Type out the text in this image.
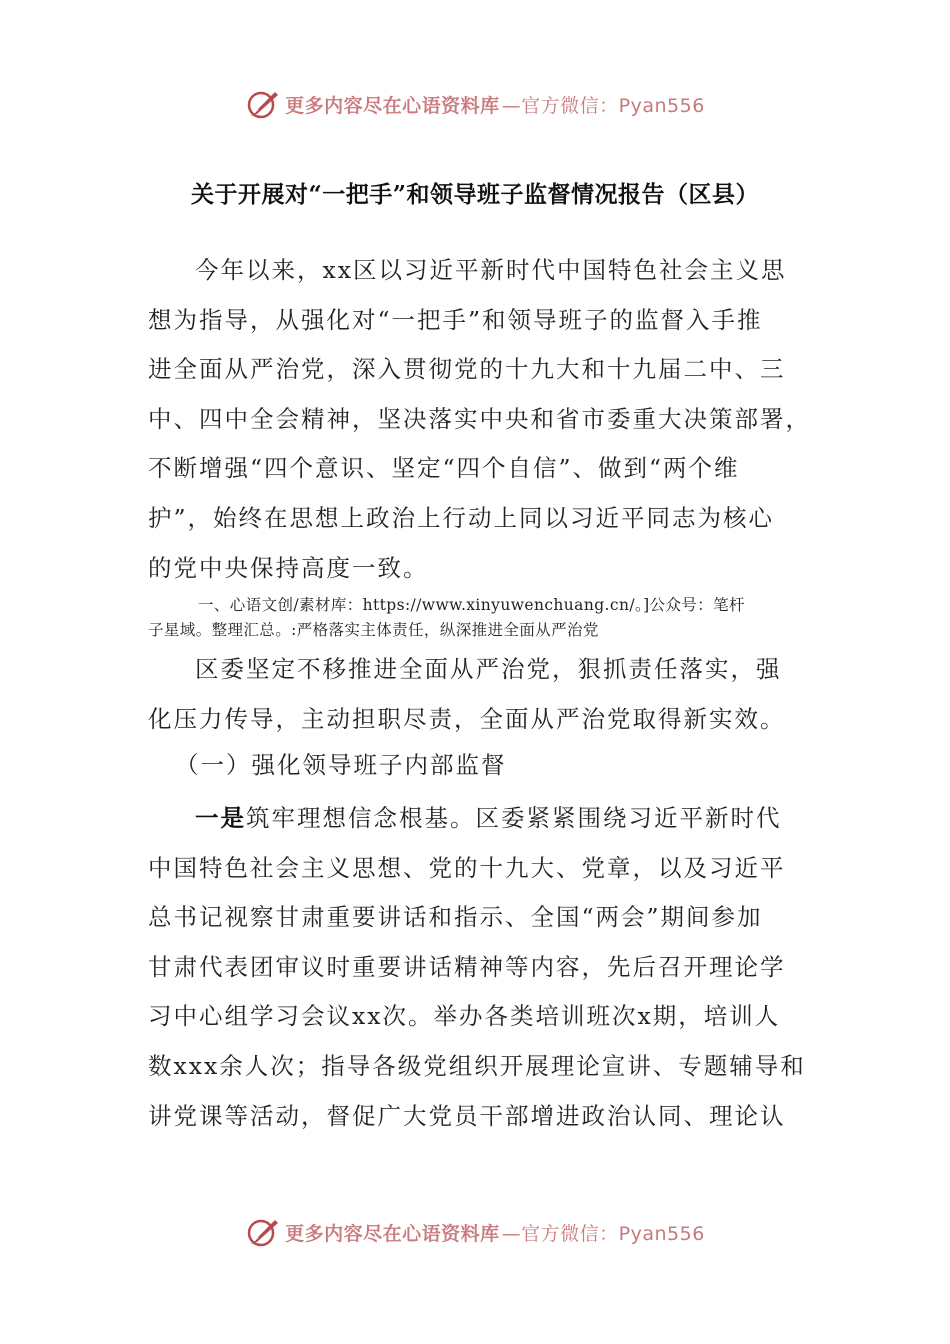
更多内容尽在心语资料库 —官方微信：Pyan556
关于开展对“一把手”和领导班子监督情况报告（区县）
今年以来，xx区以习近平新时代中国特色社会主义思
想为指导，从强化对“一把手”和领导班子的监督入手推
进全面从严治党，深入贯彻党的十九大和十九届二中、三
中、四中全会精神，坚决落实中央和省市委重大决策部署，
不断增强“四个意识、坚定“四个自信”、做到“两个维
护”，始终在思想上政治上行动上同以习近平同志为核心
的党中央保持高度一致。
一、心语文创/素材库：https://www.xinyuwenchuang.cn/。]公众号：笔杆
子星域。整理汇总。:严格落实主体责任，纵深推进全面从严治党
区委坚定不移推进全面从严治党，狠抓责任落实，强
化压力传导，主动担职尽责，全面从严治党取得新实效。
（一）强化领导班子内部监督
一是筑牢理想信念根基。区委紧紧围绕习近平新时代
中国特色社会主义思想、党的十九大、党章，以及习近平
总书记视察甘肃重要讲话和指示、全国“两会”期间参加
甘肃代表团审议时重要讲话精神等内容，先后召开理论学
习中心组学习会议xx次。举办各类培训班次x期，培训人
数xxx余人次；指导各级党组织开展理论宣讲、专题辅导和
讲党课等活动，督促广大党员干部增进政治认同、理论认
更多内容尽在心语资料库 —官方微信：Pyan556
